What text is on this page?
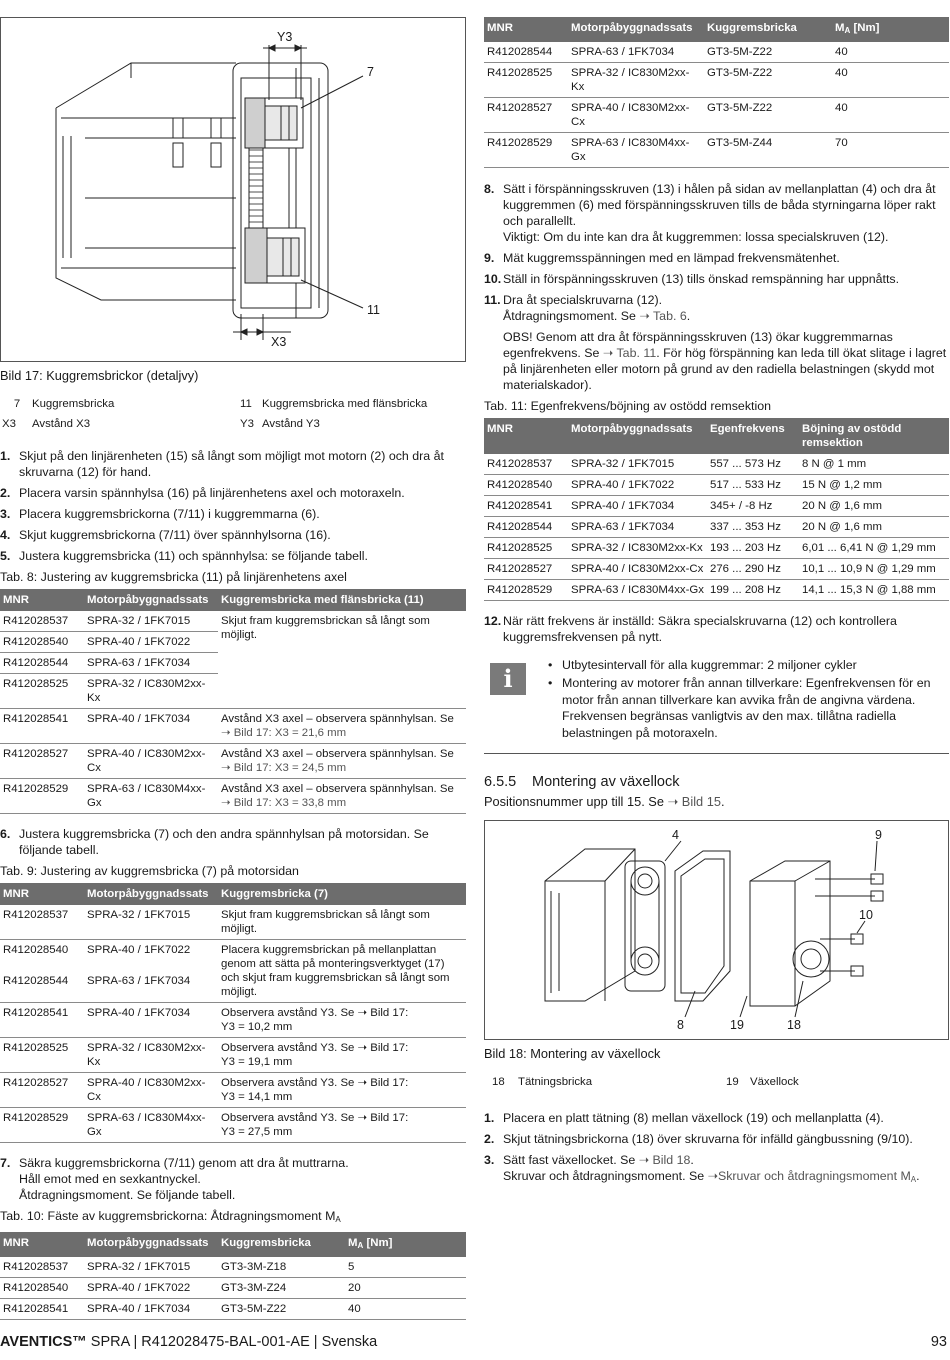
Y3
7
11
X3
Bild 17: Kuggremsbrickor (detaljvy)
7	Kuggremsbricka	11 Kuggremsbricka med flänsbricka
X3	Avstånd X3	Y3 Avstånd Y3
1. Skjut på den linjärenheten (15) så långt som möjligt mot motorn (2) och dra åt skruvarna (12) för hand.
2. Placera varsin spännhylsa (16) på linjärenhetens axel och motoraxeln.
3. Placera kuggremsbrickorna (7/11) i kuggremmarna (6).
4. Skjut kuggremsbrickorna (7/11) över spännhylsorna (16).
5. Justera kuggremsbricka (11) och spännhylsa: se följande tabell.
Tab. 8: Justering av kuggremsbricka (11) på linjärenhetens axel
MNR	Motorpåbyggnadssats	Kuggremsbricka med flänsbricka (11)
R412028537	SPRA-32 / 1FK7015	Skjut fram kuggremsbrickan så långt som möjligt.
R412028540	SPRA-40 / 1FK7022	
R412028544	SPRA-63 / 1FK7034	
R412028525	SPRA-32 / IC830M2xx-Kx	
R412028541	SPRA-40 / 1FK7034	Avstånd X3 axel – observera spännhylsan. Se
➝ Bild 17: X3 = 21,6 mm
R412028527	SPRA-40 / IC830M2xx-Cx	Avstånd X3 axel – observera spännhylsan. Se
➝ Bild 17: X3 = 24,5 mm
R412028529	SPRA-63 / IC830M4xx-Gx	Avstånd X3 axel – observera spännhylsan. Se
➝ Bild 17: X3 = 33,8 mm
6. Justera kuggremsbricka (7) och den andra spännhylsan på motorsidan. Se följande tabell.
Tab. 9: Justering av kuggremsbricka (7) på motorsidan
MNR	Motorpåbyggnadssats	Kuggremsbricka (7)
R412028537	SPRA-32 / 1FK7015	Skjut fram kuggremsbrickan så långt som möjligt.
R412028540	SPRA-40 / 1FK7022	Placera kuggremsbrickan på mellanplattan genom att sätta på monteringsverktyget (17) och skjut fram kuggremsbrickan så långt som möjligt.
R412028544	SPRA-63 / 1FK7034	
R412028541	SPRA-40 / 1FK7034	Observera avstånd Y3. Se ➝ Bild 17:
Y3 = 10,2 mm
R412028525	SPRA-32 / IC830M2xx-Kx	Observera avstånd Y3. Se ➝ Bild 17:
Y3 = 19,1 mm
R412028527	SPRA-40 / IC830M2xx-Cx	Observera avstånd Y3. Se ➝ Bild 17:
Y3 = 14,1 mm
R412028529	SPRA-63 / IC830M4xx-Gx	Observera avstånd Y3. Se ➝ Bild 17:
Y3 = 27,5 mm
7. Säkra kuggremsbrickorna (7/11) genom att dra åt muttrarna.
Håll emot med en sexkantnyckel.
Åtdragningsmoment. Se följande tabell.
Tab. 10: Fäste av kuggremsbrickorna: Åtdragningsmoment $M_A$
MNR	Motorpåbyggnadssats	Kuggremsbricka	$M_A$ [Nm]
R412028537	SPRA-32 / 1FK7015	GT3-3M-Z18	5
R412028540	SPRA-40 / 1FK7022	GT3-3M-Z24	20
R412028541	SPRA-40 / 1FK7034	GT3-5M-Z22	40
MNR	Motorpåbyggnadssats	Kuggremsbricka	$M_A$ [Nm]
R412028544	SPRA-63 / 1FK7034	GT3-5M-Z22	40
R412028525	SPRA-32 / IC830M2xx-Kx	GT3-5M-Z22	40
R412028527	SPRA-40 / IC830M2xx-Cx	GT3-5M-Z22	40
R412028529	SPRA-63 / IC830M4xx-Gx	GT3-5M-Z44	70
8. Sätt i förspänningsskruven (13) i hålen på sidan av mellanplattan (4) och dra åt kuggremmen (6) med förspänningsskruven tills de båda styrningarna löper rakt och parallellt.
Viktigt: Om du inte kan dra åt kuggremmen: lossa specialskruven (12).
9. Mät kuggremsspänningen med en lämpad frekvensmätenhet.
10. Ställ in förspänningsskruven (13) tills önskad remspänning har uppnåtts.
11. Dra åt specialskruvarna (12).
Åtdragningsmoment. Se ➝ Tab. 6.
OBS! Genom att dra åt förspänningsskruven (13) ökar kuggremmarnas egenfrekvens. Se ➝ Tab. 11. För hög förspänning kan leda till ökat slitage i lagret på linjärenheten eller motorn på grund av den radiella belastningen (skydd mot materialskador).
Tab. 11: Egenfrekvens/böjning av ostödd remsektion
MNR	Motorpåbyggnadssats	Egenfrekvens	Böjning av ostödd remsektion
R412028537	SPRA-32 / 1FK7015	557 ... 573 Hz	8 N @ 1 mm
R412028540	SPRA-40 / 1FK7022	517 ... 533 Hz	15 N @ 1,2 mm
R412028541	SPRA-40 / 1FK7034	345+ / -8 Hz	20 N @ 1,6 mm
R412028544	SPRA-63 / 1FK7034	337 ... 353 Hz	20 N @ 1,6 mm
R412028525	SPRA-32 / IC830M2xx-Kx	193 ... 203 Hz	6,01 ... 6,41 N @ 1,29 mm
R412028527	SPRA-40 / IC830M2xx-Cx	276 ... 290 Hz	10,1 ... 10,9 N @ 1,29 mm
R412028529	SPRA-63 / IC830M4xx-Gx	199 ... 208 Hz	14,1 ... 15,3 N @ 1,88 mm
12. När rätt frekvens är inställd: Säkra specialskruvarna (12) och kontrollera kuggremsfrekvensen på nytt.
i	• Utbytesintervall för alla kuggremmar: 2 miljoner cykler
• Montering av motorer från annan tillverkare: Egenfrekvensen för en motor från annan tillverkare kan avvika från de angivna värdena. Frekvensen begränsas vanligtvis av den max. tillåtna radiella belastningen på motoraxeln.
6.5.5 Montering av växellock
Positionsnummer upp till 15. Se ➝ Bild 15.
4	9
10
8	19	18
Bild 18: Montering av växellock
18	Tätningsbricka	19 Växellock
1. Placera en platt tätning (8) mellan växellock (19) och mellanplatta (4).
2. Skjut tätningsbrickorna (18) över skruvarna för infälld gängbussning (9/10).
3. Sätt fast växellocket. Se ➝ Bild 18.
Skruvar och åtdragningsmoment. Se ➝Skruvar och åtdragningsmoment $M_A$.
AVENTICS™ SPRA | R412028475-BAL-001-AE | Svenska	93
